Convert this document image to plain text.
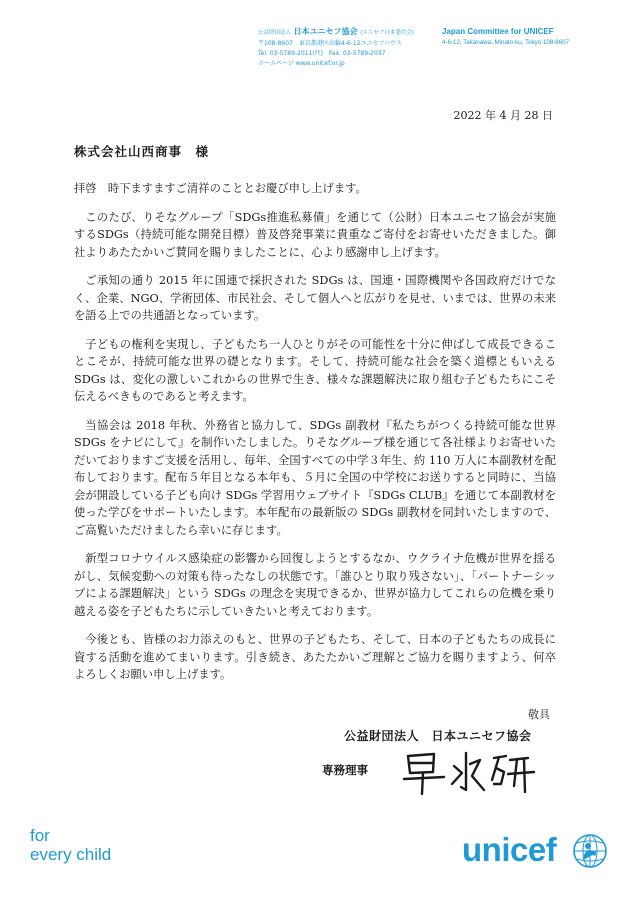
公益財団法人 日本ユニセフ協会 (ユニセフ日本委員会)
〒108-8607　東京都港区高輪4-6-12ユニセフハウス
Tel. 03-5789-2011(代)　Fax. 03-5789-2037
ホームページ www.unicef.or.jp
Japan Committee for UNICEF
4-6-12, Takanawa, Minato-ku, Tokyo 108-8607
2022 年 4 月 28 日
株式会社山西商事　様

拝啓　時下ますますご清祥のこととお慶び申し上げます。

このたび、りそなグループ「SDGs推進私募債」を通じて（公財）日本ユニセフ協会が実施するSDGs（持続可能な開発目標）普及啓発事業に貴重なご寄付をお寄せいただきました。御社よりあたたかいご賛同を賜りましたことに、心より感謝申し上げます。

ご承知の通り 2015 年に国連で採択された SDGs は、国連・国際機関や各国政府だけでなく、企業、NGO、学術団体、市民社会、そして個人へと広がりを見せ、いまでは、世界の未来を語る上での共通語となっています。

子どもの権利を実現し、子どもたち一人ひとりがその可能性を十分に伸ばして成長できることこそが、持続可能な世界の礎となります。そして、持続可能な社会を築く道標ともいえる SDGs は、変化の激しいこれからの世界で生き、様々な課題解決に取り組む子どもたちにこそ伝えるべきものであると考えます。

当協会は 2018 年秋、外務省と協力して、SDGs 副教材『私たちがつくる持続可能な世界　SDGs をナビにして』を制作いたしました。りそなグループ様を通じて各社様よりお寄せいただいておりますご支援を活用し、毎年、全国すべての中学３年生、約 110 万人に本副教材を配布しております。配布５年目となる本年も、５月に全国の中学校にお送りすると同時に、当協会が開設している子ども向け SDGs 学習用ウェブサイト『SDGs CLUB』を通じて本副教材を使った学びをサポートいたします。本年配布の最新版の SDGs 副教材を同封いたしますので、ご高覧いただけましたら幸いに存じます。

新型コロナウイルス感染症の影響から回復しようとするなか、ウクライナ危機が世界を揺るがし、気候変動への対策も待ったなしの状態です。「誰ひとり取り残さない」、「パートナーシップによる課題解決」という SDGs の理念を実現できるか、世界が協力してこれらの危機を乗り越える姿を子どもたちに示していきたいと考えております。

今後とも、皆様のお力添えのもと、世界の子どもたち、そして、日本の子どもたちの成長に資する活動を進めてまいります。引き続き、あたたかいご理解とご協力を賜りますよう、何卒よろしくお願い申し上げます。

敬具
公益財団法人　日本ユニセフ協会
専務理事
for
every child	unicef
